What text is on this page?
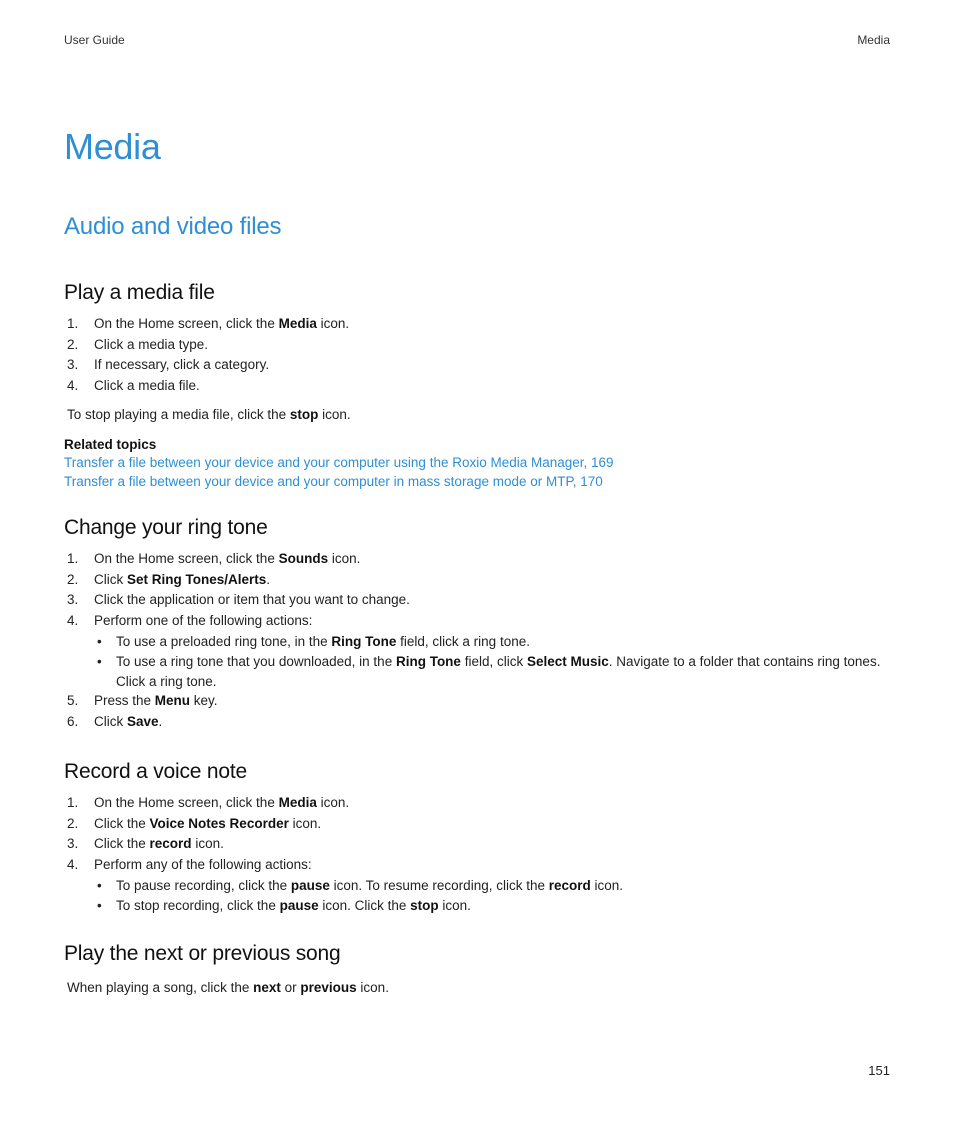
User Guide	Media
Media
Audio and video files
Play a media file
1. On the Home screen, click the Media icon.
2. Click a media type.
3. If necessary, click a category.
4. Click a media file.

To stop playing a media file, click the stop icon.

Related topics

Transfer a file between your device and your computer using the Roxio Media Manager, 169
Transfer a file between your device and your computer in mass storage mode or MTP, 170
Change your ring tone
1. On the Home screen, click the Sounds icon.
2. Click Set Ring Tones/Alerts.
3. Click the application or item that you want to change.
4. Perform one of the following actions:
• To use a preloaded ring tone, in the Ring Tone field, click a ring tone.
• To use a ring tone that you downloaded, in the Ring Tone field, click Select Music. Navigate to a folder that contains ring tones. Click a ring tone.
5. Press the Menu key.
6. Click Save.
Record a voice note
1. On the Home screen, click the Media icon.
2. Click the Voice Notes Recorder icon.
3. Click the record icon.
4. Perform any of the following actions:
• To pause recording, click the pause icon. To resume recording, click the record icon.
• To stop recording, click the pause icon. Click the stop icon.
Play the next or previous song

When playing a song, click the next or previous icon.

151
